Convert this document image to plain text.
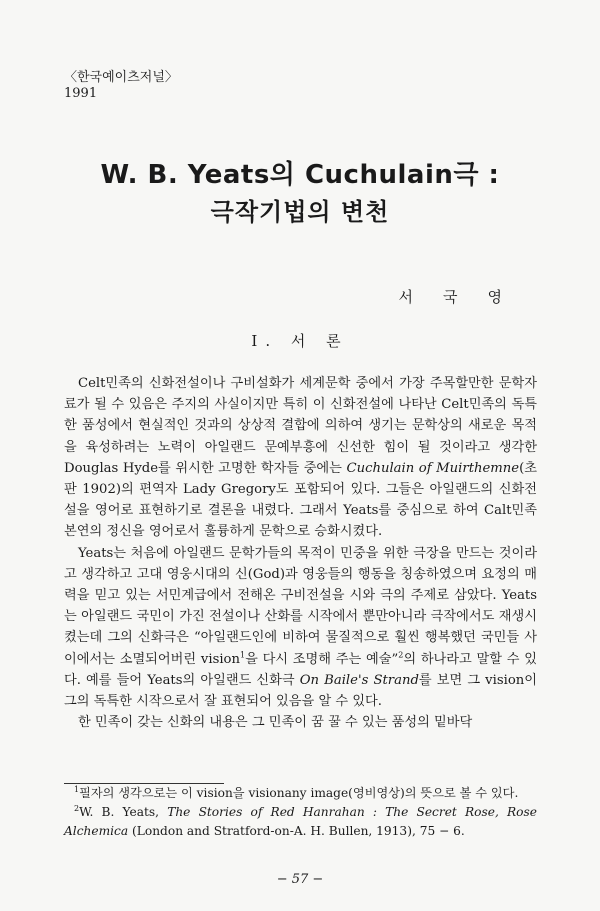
〈한국예이츠저널〉
1991
W. B. Yeats의 Cuchulain극 :
극작기법의 변천
서국영
I. 서 론

Celt민족의 신화전설이나 구비설화가 세계문학 중에서 가장 주목할만한 문학자료가 될 수 있음은 주지의 사실이지만 특히 이 신화전설에 나타난 Celt민족의 독특한 품성에서 현실적인 것과의 상상적 결합에 의하여 생기는 문학상의 새로운 목적을 육성하려는 노력이 아일랜드 문예부흥에 신선한 힘이 될 것이라고 생각한 Douglas Hyde를 위시한 고명한 학자들 중에는 Cuchulain of Muirthemne(초판 1902)의 편역자 Lady Gregory도 포함되어 있다. 그들은 아일랜드의 신화전설을 영어로 표현하기로 결론을 내렸다. 그래서 Yeats를 중심으로 하여 Calt민족 본연의 정신을 영어로서 훌륭하게 문학으로 승화시켰다.

Yeats는 처음에 아일랜드 문학가들의 목적이 민중을 위한 극장을 만드는 것이라고 생각하고 고대 영웅시대의 신(God)과 영웅들의 행동을 칭송하였으며 요정의 매력을 믿고 있는 서민계급에서 전해온 구비전설을 시와 극의 주제로 삼았다. Yeats는 아일랜드 국민이 가진 전설이나 산화를 시작에서 뿐만아니라 극작에서도 재생시켰는데 그의 신화극은 “아일랜드인에 비하여 물질적으로 훨씬 행복했던 국민들 사이에서는 소멸되어버린 vision$^1$을 다시 조명해 주는 예술”$^2$의 하나라고 말할 수 있다. 예를 들어 Yeats의 아일랜드 신화극 On Baile's Strand를 보면 그 vision이 그의 독특한 시작으로서 잘 표현되어 있음을 알 수 있다.

한 민족이 갖는 신화의 내용은 그 민족이 꿈 꿀 수 있는 품성의 밑바닥

$^1$필자의 생각으로는 이 vision을 visionany image(영비영상)의 뜻으로 볼 수 있다.

$^2$W. B. Yeats, The Stories of Red Hanrahan : The Secret Rose, Rose Alchemica (London and Stratford-on-A. H. Bullen, 1913), 75 − 6.

− 57 −
